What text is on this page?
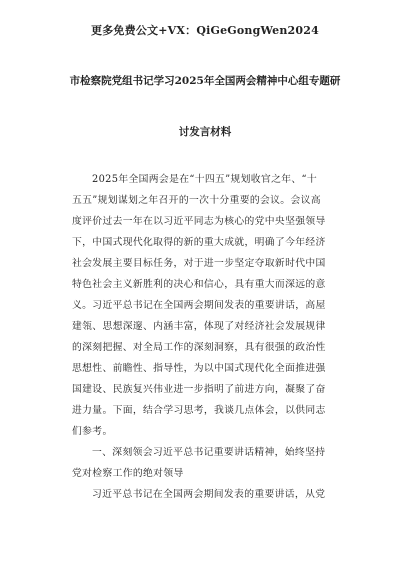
更多免费公文+VX：QiGeGongWen2024
市检察院党组书记学习2025年全国两会精神中心组专题研
讨发言材料
2025年全国两会是在“十四五”规划收官之年、“十
五五”规划谋划之年召开的一次十分重要的会议。会议高
度评价过去一年在以习近平同志为核心的党中央坚强领导
下，中国式现代化取得的新的重大成就，明确了今年经济
社会发展主要目标任务，对于进一步坚定夺取新时代中国
特色社会主义新胜利的决心和信心，具有重大而深远的意
义。习近平总书记在全国两会期间发表的重要讲话，高屋
建瓴、思想深邃、内涵丰富，体现了对经济社会发展规律
的深刻把握、对全局工作的深刻洞察，具有很强的政治性
思想性、前瞻性、指导性，为以中国式现代化全面推进强
国建设、民族复兴伟业进一步指明了前进方向，凝聚了奋
进力量。下面，结合学习思考，我谈几点体会，以供同志
们参考。
一、深刻领会习近平总书记重要讲话精神，始终坚持
党对检察工作的绝对领导
习近平总书记在全国两会期间发表的重要讲话，从党
